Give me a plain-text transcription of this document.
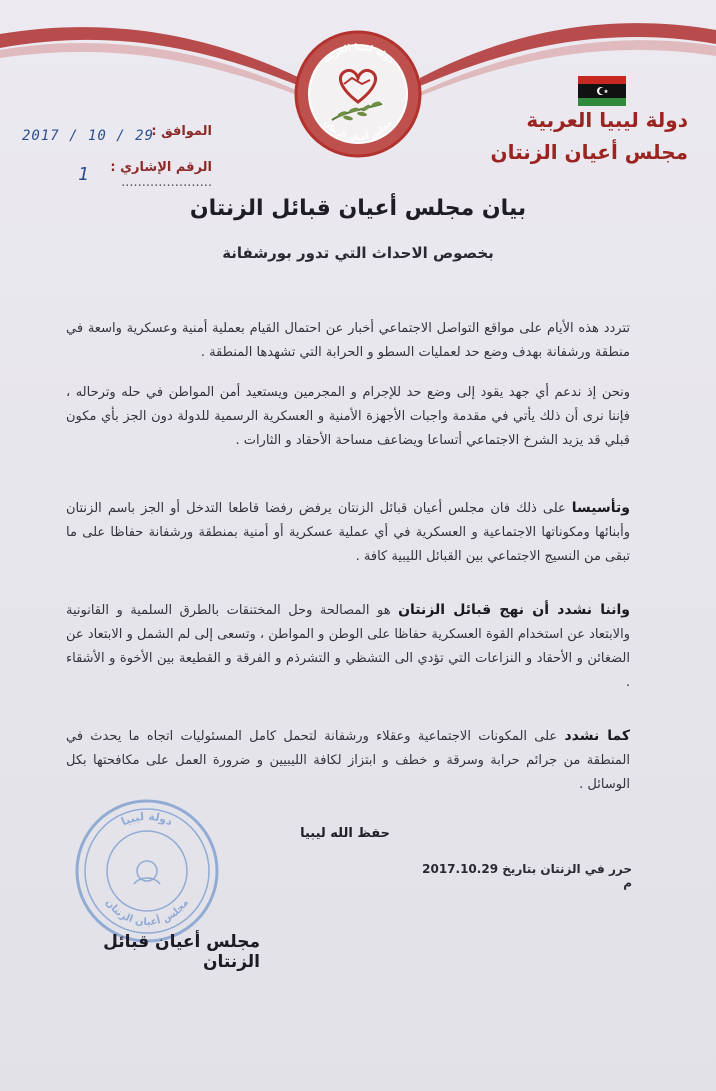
دولة ليبيا العربية
مجلس أعيان الزنتان
دولة ليبيا العربية
مجلس أعيان الزنتان
الموافق :
2017 / 10 / 29
الرقم الإشاري : ......................
1
بيان مجلس أعيان قبائل الزنتان
بخصوص الاحداث التي تدور بورشفانة
تتردد هذه الأيام على مواقع التواصل الاجتماعي أخبار عن احتمال القيام بعملية أمنية وعسكرية واسعة في منطقة ورشفانة بهدف وضع حد لعمليات السطو و الحرابة التي تشهدها المنطقة .
ونحن إذ ندعم أي جهد يقود إلى وضع حد للإجرام و المجرمين ويستعيد أمن المواطن في حله وترحاله ، فإننا نرى أن ذلك يأتي في مقدمة واجبات الأجهزة الأمنية و العسكرية الرسمية للدولة دون الجز بأي مكون قبلي قد يزيد الشرخ الاجتماعي أتساعا ويضاعف مساحة الأحقاد و الثارات .
وتأسيسا على ذلك فان مجلس أعيان قبائل الزنتان يرفض رفضا قاطعا التدخل أو الجز باسم الزنتان وأبنائها ومكوناتها الاجتماعية و العسكرية في أي عملية عسكرية أو أمنية بمنطقة ورشفانة حفاظا على ما تبقى من النسيج الاجتماعي بين القبائل الليبية كافة .
واننا نشدد أن نهج قبائل الزنتان هو المصالحة وحل المختنقات بالطرق السلمية و القانونية والابتعاد عن استخدام القوة العسكرية حفاظا على الوطن و المواطن ، وتسعى إلى لم الشمل و الابتعاد عن الضغائن و الأحقاد و النزاعات التي تؤدي الى التشظي و التشرذم و الفرقة و القطيعة بين الأخوة و الأشقاء .
كما نشدد على المكونات الاجتماعية وعقلاء ورشفانة لتحمل كامل المسئوليات اتجاه ما يحدث في المنطقة من جرائم حرابة وسرقة و خطف و ابتزاز لكافة الليبيين و ضرورة العمل على مكافحتها بكل الوسائل .
حفظ الله ليبيا
حرر في الزنتان بتاريخ 2017.10.29 م
دولة ليبيا
مجلس أعيان الزنتان
مجلس أعيان قبائل الزنتان
